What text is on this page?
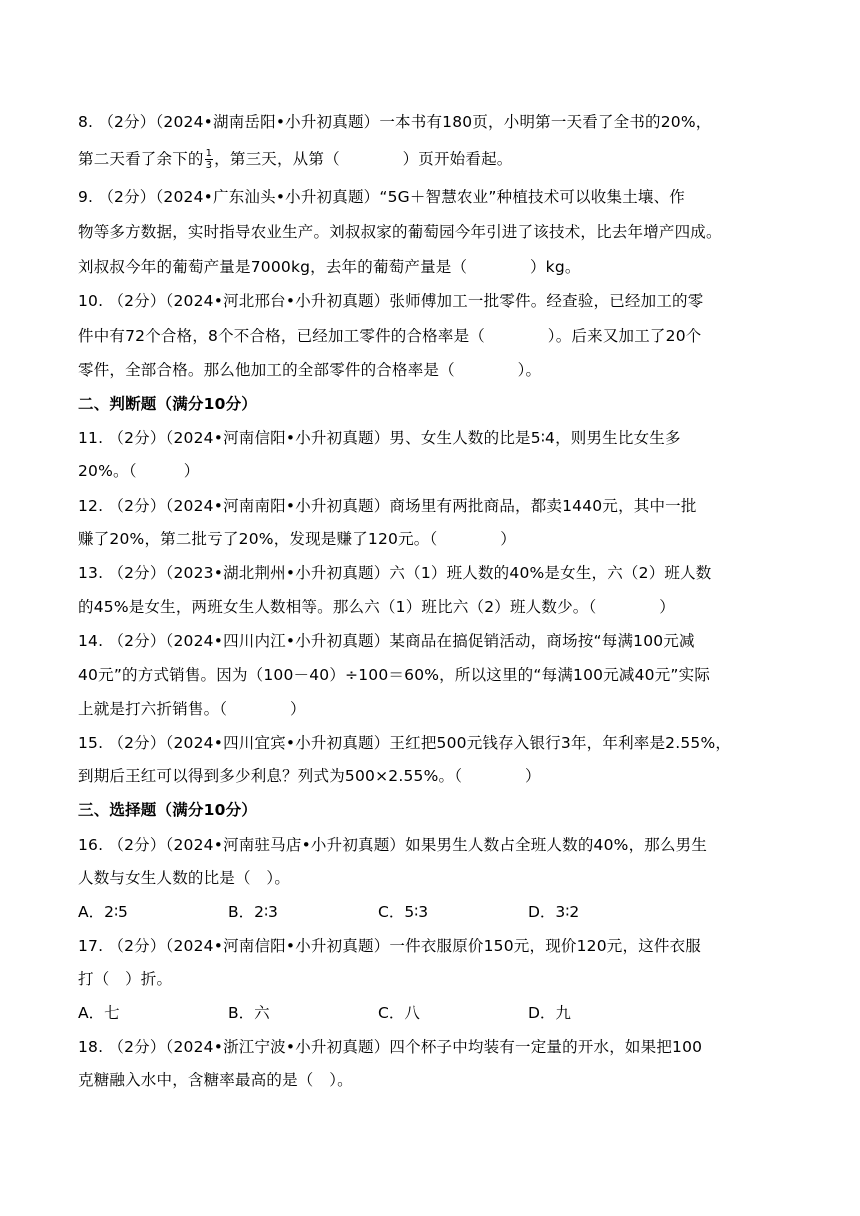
8. （2分）（2024•湖南岳阳•小升初真题）一本书有180页，小明第一天看了全书的20%，
第二天看了余下的 $\frac{1}{3}$ ，第三天，从第（　　　　）页开始看起。
9. （2分）（2024•广东汕头•小升初真题）“5G＋智慧农业”种植技术可以收集土壤、作
物等多方数据，实时指导农业生产。刘叔叔家的葡萄园今年引进了该技术，比去年增产四成。
刘叔叔今年的葡萄产量是7000kg，去年的葡萄产量是（　　　　）kg。
10. （2分）（2024•河北邢台•小升初真题）张师傅加工一批零件。经查验，已经加工的零
件中有72个合格，8个不合格，已经加工零件的合格率是（　　　　）。后来又加工了20个
零件，全部合格。那么他加工的全部零件的合格率是（　　　　）。
二、判断题（满分10分）
11. （2分）（2024•河南信阳•小升初真题）男、女生人数的比是5∶4，则男生比女生多
20%。（　　　）
12. （2分）（2024•河南南阳•小升初真题）商场里有两批商品，都卖1440元，其中一批
赚了20%，第二批亏了20%，发现是赚了120元。（　　　　）
13. （2分）（2023•湖北荆州•小升初真题）六（1）班人数的40%是女生，六（2）班人数
的45%是女生，两班女生人数相等。那么六（1）班比六（2）班人数少。（　　　　）
14. （2分）（2024•四川内江•小升初真题）某商品在搞促销活动，商场按“每满100元减
40元”的方式销售。因为（100－40）÷100＝60%，所以这里的“每满100元减40元”实际
上就是打六折销售。（　　　　）
15. （2分）（2024•四川宜宾•小升初真题）王红把500元钱存入银行3年，年利率是2.55%，
到期后王红可以得到多少利息？列式为500×2.55%。（　　　　）
三、选择题（满分10分）
16. （2分）（2024•河南驻马店•小升初真题）如果男生人数占全班人数的40%，那么男生
人数与女生人数的比是（　）。
A．2∶5	B．2∶3	C．5∶3	D．3∶2
17. （2分）（2024•河南信阳•小升初真题）一件衣服原价150元，现价120元，这件衣服
打（　）折。
A．七	B．六	C．八	D．九
18. （2分）（2024•浙江宁波•小升初真题）四个杯子中均装有一定量的开水，如果把100
克糖融入水中，含糖率最高的是（　）。
